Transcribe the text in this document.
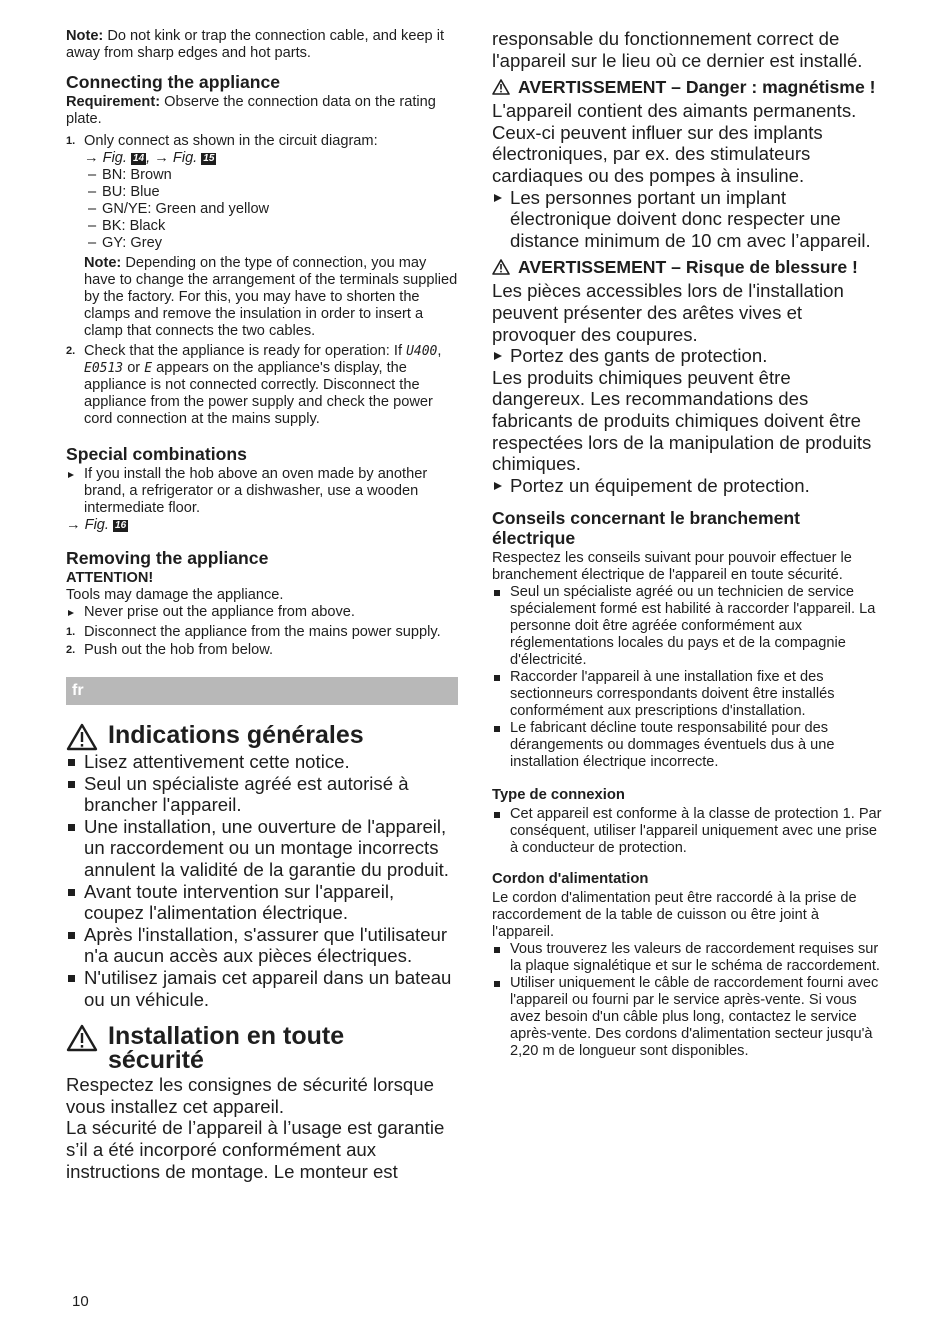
Note: Do not kink or trap the connection cable, and keep it away from sharp edges and hot parts.

Connecting the appliance

Requirement: Observe the connection data on the rating plate.

1. Only connect as shown in the circuit diagram:
→ Fig. 14 , → Fig. 15
– BN: Brown
– BU: Blue
– GN/YE: Green and yellow
– BK: Black
– GY: Grey

Note: Depending on the type of connection, you may have to change the arrangement of the terminals supplied by the factory. For this, you may have to shorten the clamps and remove the insulation in order to insert a clamp that connects the two cables.

2. Check that the appliance is ready for operation: If U400, E0513 or E appears on the appliance's display, the appliance is not connected correctly. Disconnect the appliance from the power supply and check the power cord connection at the mains supply.
Special combinations
If you install the hob above an oven made by another brand, a refrigerator or a dishwasher, use a wooden intermediate floor.
→ Fig. 16
Removing the appliance
ATTENTION!
Tools may damage the appliance.
Never prise out the appliance from above.
1. Disconnect the appliance from the mains power supply.
2. Push out the hob from below.
fr
Indications générales
Lisez attentivement cette notice.
Seul un spécialiste agréé est autorisé à brancher l'appareil.
Une installation, une ouverture de l'appareil, un raccordement ou un montage incorrects annulent la validité de la garantie du produit.
Avant toute intervention sur l'appareil, coupez l'alimentation électrique.
Après l'installation, s'assurer que l'utilisateur n'a aucun accès aux pièces électriques.
N'utilisez jamais cet appareil dans un bateau ou un véhicule.
Installation en toute
sécurité

Respectez les consignes de sécurité lorsque vous installez cet appareil.

La sécurité de l’appareil à l’usage est garantie s’il a été incorporé conformément aux instructions de montage. Le monteur est

responsable du fonctionnement correct de l'appareil sur le lieu où ce dernier est installé.

AVERTISSEMENT – Danger : magnétisme !

L'appareil contient des aimants permanents. Ceux-ci peuvent influer sur des implants électroniques, par ex. des stimulateurs cardiaques ou des pompes à insuline.

Les personnes portant un implant électronique doivent donc respecter une distance minimum de 10 cm avec l’appareil.
AVERTISSEMENT – Risque de blessure !

Les pièces accessibles lors de l'installation peuvent présenter des arêtes vives et provoquer des coupures.

Portez des gants de protection.

Les produits chimiques peuvent être dangereux. Les recommandations des fabricants de produits chimiques doivent être respectées lors de la manipulation de produits chimiques.

Portez un équipement de protection.
Conseils concernant le branchement électrique

Respectez les conseils suivant pour pouvoir effectuer le branchement électrique de l'appareil en toute sécurité.

Seul un spécialiste agréé ou un technicien de service spécialement formé est habilité à raccorder l'appareil. La personne doit être agréée conformément aux réglementations locales du pays et de la compagnie d'électricité.
Raccorder l'appareil à une installation fixe et des sectionneurs correspondants doivent être installés conformément aux prescriptions d'installation.
Le fabricant décline toute responsabilité pour des dérangements ou dommages éventuels dus à une installation électrique incorrecte.
Type de connexion
Cet appareil est conforme à la classe de protection 1. Par conséquent, utiliser l'appareil uniquement avec une prise à conducteur de protection.
Cordon d'alimentation

Le cordon d'alimentation peut être raccordé à la prise de raccordement de la table de cuisson ou être joint à l'appareil.

Vous trouverez les valeurs de raccordement requises sur la plaque signalétique et sur le schéma de raccordement.
Utiliser uniquement le câble de raccordement fourni avec l'appareil ou fourni par le service après-vente. Si vous avez besoin d'un câble plus long, contactez le service après-vente. Des cordons d'alimentation secteur jusqu'à 2,20 m de longueur sont disponibles.
10
